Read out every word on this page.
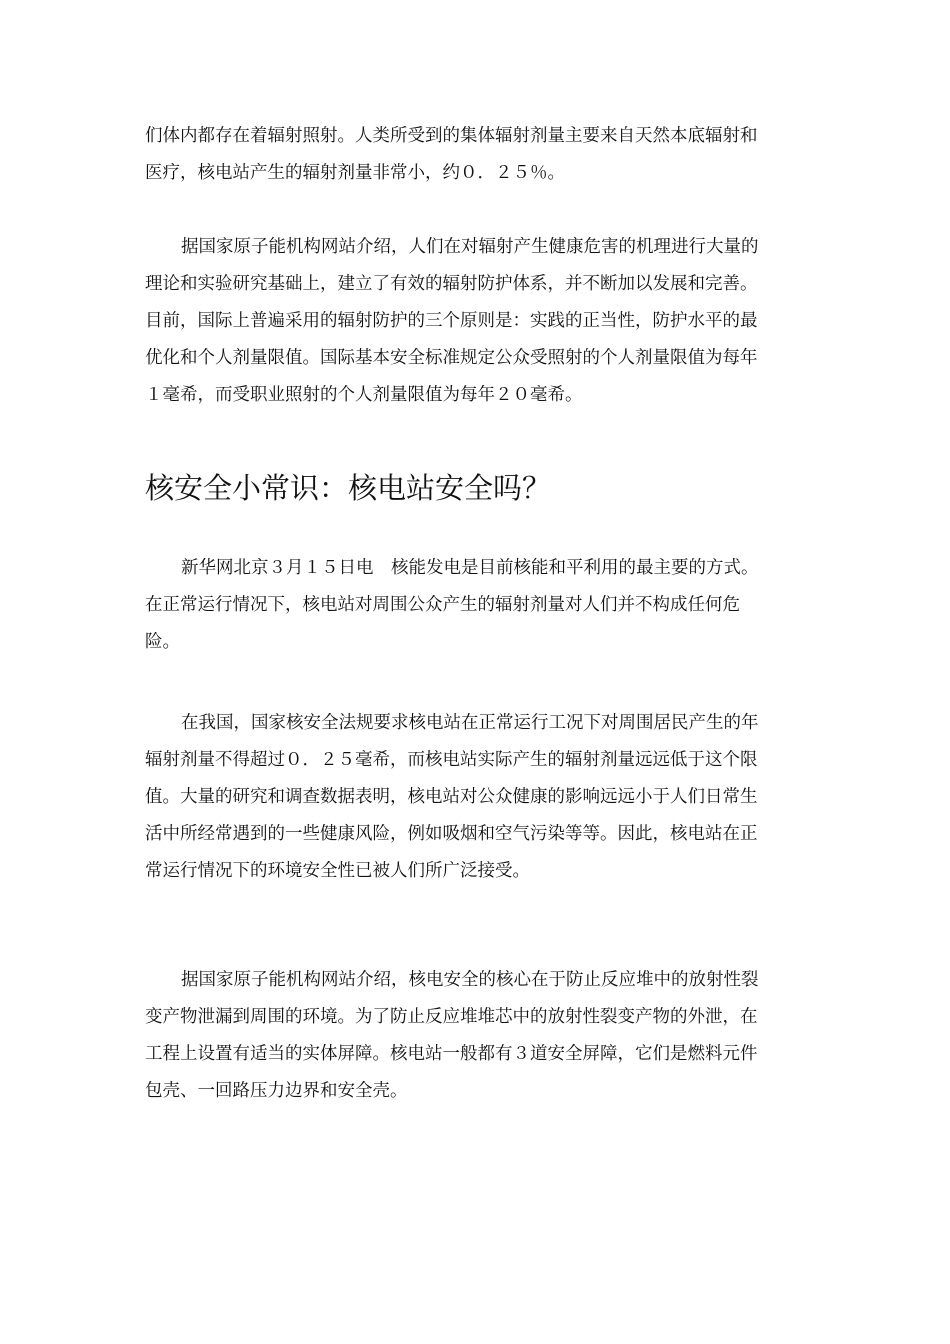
们体内都存在着辐射照射。人类所受到的集体辐射剂量主要来自天然本底辐射和
医疗，核电站产生的辐射剂量非常小，约０．２５％。

据国家原子能机构网站介绍，人们在对辐射产生健康危害的机理进行大量的
理论和实验研究基础上，建立了有效的辐射防护体系，并不断加以发展和完善。
目前，国际上普遍采用的辐射防护的三个原则是：实践的正当性，防护水平的最
优化和个人剂量限值。国际基本安全标准规定公众受照射的个人剂量限值为每年
１毫希，而受职业照射的个人剂量限值为每年２０毫希。

核安全小常识：核电站安全吗？

新华网北京３月１５日电　核能发电是目前核能和平利用的最主要的方式。
在正常运行情况下，核电站对周围公众产生的辐射剂量对人们并不构成任何危
险。

在我国，国家核安全法规要求核电站在正常运行工况下对周围居民产生的年
辐射剂量不得超过０．２５毫希，而核电站实际产生的辐射剂量远远低于这个限
值。大量的研究和调查数据表明，核电站对公众健康的影响远远小于人们日常生
活中所经常遇到的一些健康风险，例如吸烟和空气污染等等。因此，核电站在正
常运行情况下的环境安全性已被人们所广泛接受。

据国家原子能机构网站介绍，核电安全的核心在于防止反应堆中的放射性裂
变产物泄漏到周围的环境。为了防止反应堆堆芯中的放射性裂变产物的外泄，在
工程上设置有适当的实体屏障。核电站一般都有３道安全屏障，它们是燃料元件
包壳、一回路压力边界和安全壳。
